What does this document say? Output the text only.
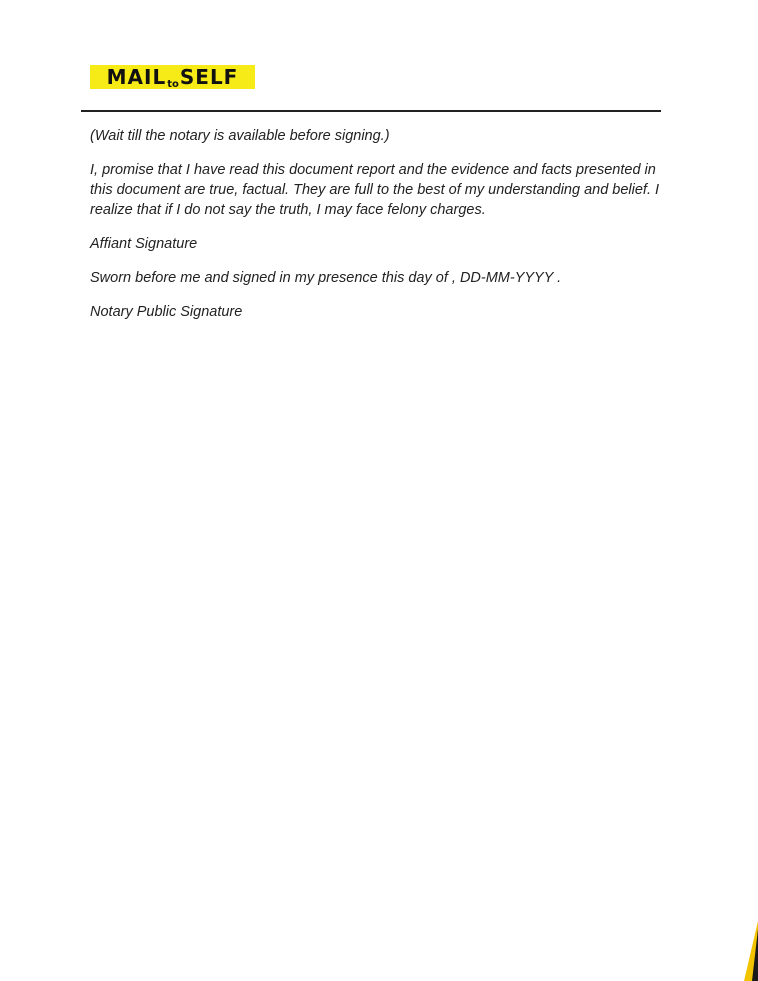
MAILtoSELF

(Wait till the notary is available before signing.)

I, promise that I have read this document report and the evidence and facts presented in this document are true, factual. They are full to the best of my understanding and belief. I realize that if I do not say the truth, I may face felony charges.

Affiant Signature

Sworn before me and signed in my presence this day of , DD-MM-YYYY .

Notary Public Signature
